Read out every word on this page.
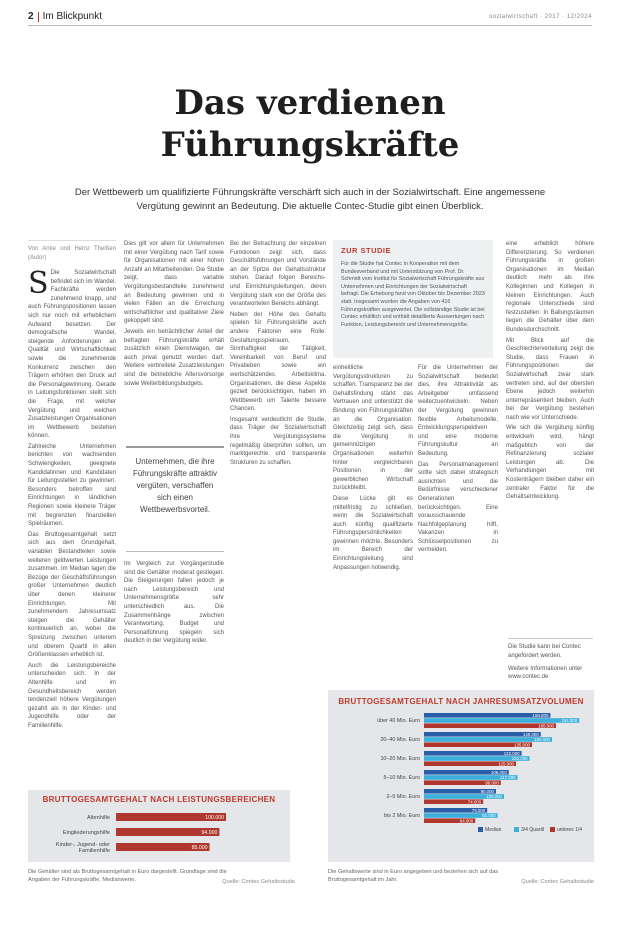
2 Im Blickpunkt	sozialwirtschaft · 2017 · 12/2024
Das verdienen
Führungskräfte
Der Wettbewerb um qualifizierte Führungskräfte verschärft sich auch in der Sozialwirtschaft. Eine angemessene Vergütung gewinnt an Bedeutung. Die aktuelle Contec-Studie gibt einen Überblick.
Von Anke und Heinz Theißen (Autor)
S Die Sozialwirtschaft befindet sich im Wandel. Fachkräfte werden zunehmend knapp, und auch Führungspositionen lassen sich nur noch mit erheblichem Aufwand besetzen. Der demografische Wandel, steigende Anforderungen an Qualität und Wirtschaftlichkeit sowie die zunehmende Konkurrenz zwischen den Trägern erhöhen den Druck auf die Personalgewinnung. Gerade in Leitungsfunktionen stellt sich die Frage, mit welcher Vergütung und welchen Zusatzleistungen Organisationen im Wettbewerb bestehen können.

Zahlreiche Unternehmen berichten von wachsenden Schwierigkeiten, geeignete Kandidatinnen und Kandidaten für Leitungsstellen zu gewinnen. Besonders betroffen sind Einrichtungen in ländlichen Regionen sowie kleinere Träger mit begrenzten finanziellen Spielräumen.

Das Bruttogesamtgehalt setzt sich aus dem Grundgehalt, variablen Bestandteilen sowie weiteren geldwerten Leistungen zusammen. Im Median lagen die Bezüge der Geschäftsführungen großer Unternehmen deutlich über denen kleinerer Einrichtungen. Mit zunehmendem Jahresumsatz steigen die Gehälter kontinuierlich an, wobei die Spreizung zwischen unterem und oberem Quartil in allen Größenklassen erheblich ist.

Auch die Leistungsbereiche unterscheiden sich: In der Altenhilfe und im Gesundheitsbereich werden tendenziell höhere Vergütungen gezahlt als in der Kinder- und Jugendhilfe oder der Familienhilfe.

Dies gilt vor allem für Unternehmen mit einer Vergütung nach Tarif sowie für Organisationen mit einer hohen Anzahl an Mitarbeitenden. Die Studie zeigt, dass variable Vergütungsbestandteile zunehmend an Bedeutung gewinnen und in vielen Fällen an die Erreichung wirtschaftlicher und qualitativer Ziele gekoppelt sind.

Jeweils ein beträchtlicher Anteil der befragten Führungskräfte erhält zusätzlich einen Dienstwagen, der auch privat genutzt werden darf. Weitere verbreitete Zusatzleistungen sind die betriebliche Altersvorsorge sowie Weiterbildungsbudgets.

Unternehmen, die ihre Führungskräfte attraktiv vergüten, verschaffen sich einen Wettbewerbsvorteil.

Im Vergleich zur Vorgängerstudie sind die Gehälter moderat gestiegen. Die Steigerungen fallen jedoch je nach Leistungsbereich und Unternehmensgröße sehr unterschiedlich aus. Die Zusammenhänge zwischen Verantwortung, Budget und Personalführung spiegeln sich deutlich in der Vergütung wider.

Bei der Betrachtung der einzelnen Funktionen zeigt sich, dass Geschäftsführungen und Vorstände an der Spitze der Gehaltsstruktur stehen. Darauf folgen Bereichs- und Einrichtungsleitungen, deren Vergütung stark von der Größe des verantworteten Bereichs abhängt.

Neben der Höhe des Gehalts spielen für Führungskräfte auch andere Faktoren eine Rolle: Gestaltungsspielraum, Sinnhaftigkeit der Tätigkeit, Vereinbarkeit von Beruf und Privatleben sowie ein wertschätzendes Arbeitsklima. Organisationen, die diese Aspekte gezielt berücksichtigen, haben im Wettbewerb um Talente bessere Chancen.

Insgesamt verdeutlicht die Studie, dass Träger der Sozialwirtschaft ihre Vergütungssysteme regelmäßig überprüfen sollten, um marktgerechte und transparente Strukturen zu schaffen.

ZUR STUDIE

Für die Studie hat Contec in Kooperation mit dem Bundesverband und mit Unterstützung von Prof. Dr. Schmidt vom Institut für Sozialwirtschaft Führungskräfte aus Unternehmen und Einrichtungen der Sozialwirtschaft befragt. Die Erhebung fand von Oktober bis Dezember 2023 statt. Insgesamt wurden die Angaben von 416 Führungskräften ausgewertet. Die vollständige Studie ist bei Contec erhältlich und enthält detaillierte Auswertungen nach Funktion, Leistungsbereich und Unternehmensgröße.

einheitliche Vergütungsstrukturen zu schaffen. Transparenz bei der Gehaltsfindung stärkt das Vertrauen und unterstützt die Bindung von Führungskräften an die Organisation. Gleichzeitig zeigt sich, dass die Vergütung in gemeinnützigen Organisationen weiterhin hinter vergleichbaren Positionen in der gewerblichen Wirtschaft zurückbleibt.

Diese Lücke gilt es mittelfristig zu schließen, wenn die Sozialwirtschaft auch künftig qualifizierte Führungspersönlichkeiten gewinnen möchte. Besonders im Bereich der Einrichtungsleitung sind Anpassungen notwendig.

Für die Unternehmen der Sozialwirtschaft bedeutet dies, ihre Attraktivität als Arbeitgeber umfassend weiterzuentwickeln. Neben der Vergütung gewinnen flexible Arbeitsmodelle, Entwicklungsperspektiven und eine moderne Führungskultur an Bedeutung.

Das Personalmanagement sollte sich dabei strategisch ausrichten und die Bedürfnisse verschiedener Generationen berücksichtigen. Eine vorausschauende Nachfolgeplanung hilft, Vakanzen in Schlüsselpositionen zu vermeiden.

eine erheblich höhere Differenzierung. So verdienen Führungskräfte in großen Organisationen im Median deutlich mehr als ihre Kolleginnen und Kollegen in kleinen Einrichtungen. Auch regionale Unterschiede sind festzustellen: In Ballungsräumen liegen die Gehälter über dem Bundesdurchschnitt.

Mit Blick auf die Geschlechterverteilung zeigt die Studie, dass Frauen in Führungspositionen der Sozialwirtschaft zwar stark vertreten sind, auf der obersten Ebene jedoch weiterhin unterrepräsentiert bleiben. Auch bei der Vergütung bestehen nach wie vor Unterschiede.

Wie sich die Vergütung künftig entwickeln wird, hängt maßgeblich von der Refinanzierung sozialer Leistungen ab. Die Verhandlungen mit Kostenträgern bleiben daher ein zentraler Faktor für die Gehaltsentwicklung.

Die Studie kann bei Contec angefordert werden.

Weitere Informationen unter www.contec.de

BRUTTOGESAMTGEHALT NACH LEISTUNGSBEREICHEN
Altenhilfe	100.000
Eingliederungshilfe	94.000
Kinder-, Jugend- oder
Familienhilfe	85.000
Die Gehälter sind als Bruttogesamtgehalt in Euro dargestellt. Grundlage sind die Angaben der Führungskräfte, Medianwerte.	Quelle: Contec Gehaltsstudie
BRUTTOGESAMTGEHALT NACH JAHRESUMSATZVOLUMEN
über 40 Mio. Euro
158.000
194.000
165.000
20–40 Mio. Euro
146.000
160.000
135.000
10–20 Mio. Euro
122.000
132.000
115.000
5–10 Mio. Euro
106.000
117.000
96.000
2–5 Mio. Euro
90.000
100.000
74.000
bis 2 Mio. Euro
79.000
92.000
64.000
Median	3/4 Quartil	unteres 1/4
Die Gehaltswerte sind in Euro angegeben und beziehen sich auf das Bruttogesamtgehalt im Jahr.	Quelle: Contec Gehaltsstudie
